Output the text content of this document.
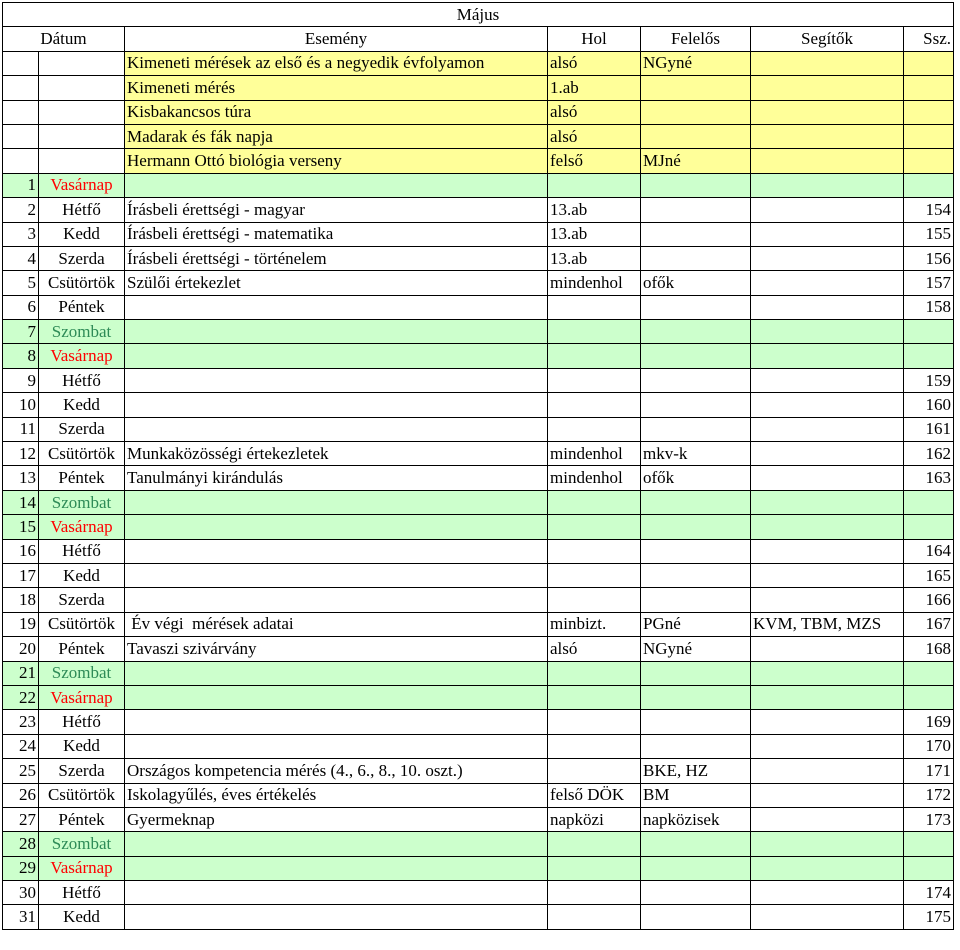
Május						
Dátum		Esemény	Hol	Felelős	Segítők	Ssz.
		Kimeneti mérések az első és a negyedik évfolyamon	alsó	NGyné		
		Kimeneti mérés	1.ab			
		Kisbakancsos túra	alsó			
		Madarak és fák napja	alsó			
		Hermann Ottó biológia verseny	felső	MJné		
1	Vasárnap					
2	Hétfő	Írásbeli érettségi - magyar	13.ab			154
3	Kedd	Írásbeli érettségi - matematika	13.ab			155
4	Szerda	Írásbeli érettségi - történelem	13.ab			156
5	Csütörtök	Szülői értekezlet	mindenhol	ofők		157
6	Péntek					158
7	Szombat					
8	Vasárnap					
9	Hétfő					159
10	Kedd					160
11	Szerda					161
12	Csütörtök	Munkaközösségi értekezletek	mindenhol	mkv-k		162
13	Péntek	Tanulmányi kirándulás	mindenhol	ofők		163
14	Szombat					
15	Vasárnap					
16	Hétfő					164
17	Kedd					165
18	Szerda					166
19	Csütörtök	Év végi  mérések adatai	minbizt.	PGné	KVM, TBM, MZS	167
20	Péntek	Tavaszi szivárvány	alsó	NGyné		168
21	Szombat					
22	Vasárnap					
23	Hétfő					169
24	Kedd					170
25	Szerda	Országos kompetencia mérés (4., 6., 8., 10. oszt.)		BKE, HZ		171
26	Csütörtök	Iskolagyűlés, éves értékelés	felső DÖK	BM		172
27	Péntek	Gyermeknap	napközi	napközisek		173
28	Szombat					
29	Vasárnap					
30	Hétfő					174
31	Kedd					175
